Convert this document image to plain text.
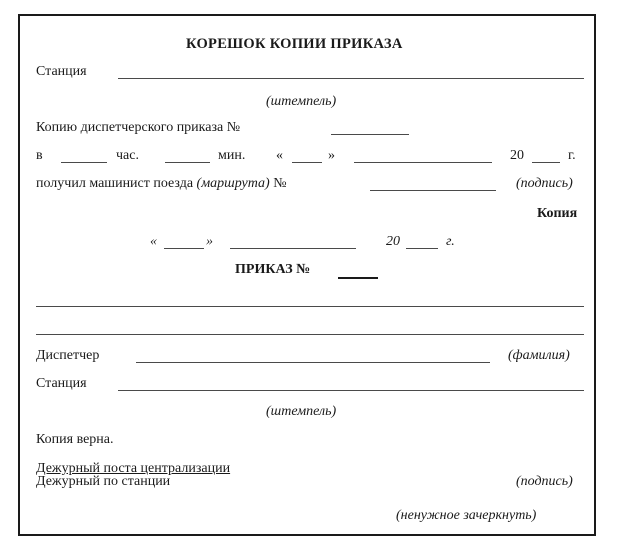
КОРЕШОК КОПИИ ПРИКАЗА
Станция
(штемпель)
Копию диспетчерского приказа №
в	час.	мин. «	»	20	г.
получил машинист поезда (маршрута) №	(подпись)
Копия
«	»	20	г.
ПРИКАЗ №
Диспетчер	(фамилия)
Станция
(штемпель)
Копия верна.
Дежурный поста централизации
Дежурный по станции	(подпись)
(ненужное зачеркнуть)
